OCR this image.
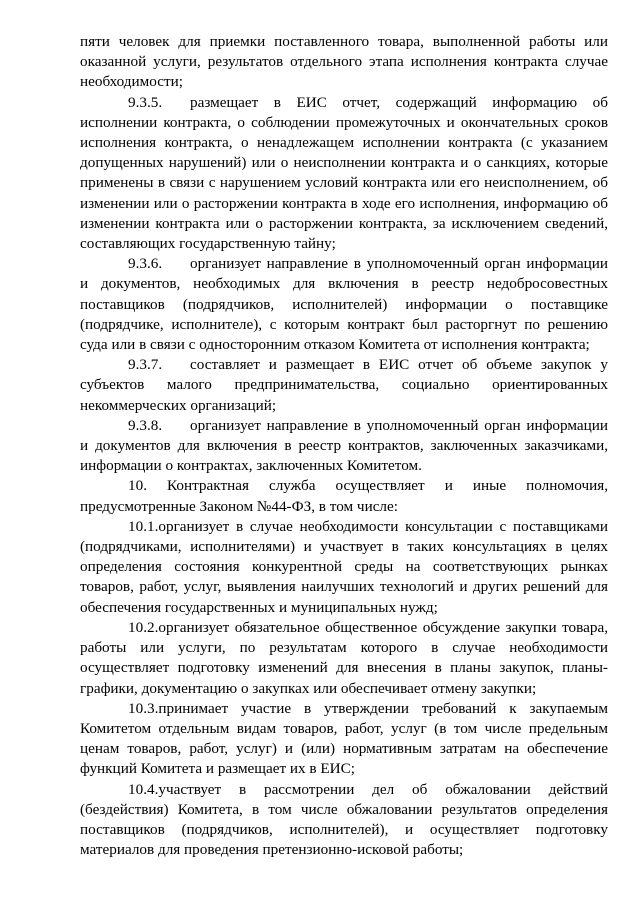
пяти человек для приемки поставленного товара, выполненной работы или оказанной услуги, результатов отдельного этапа исполнения контракта случае необходимости;

9.3.5. размещает в ЕИС отчет, содержащий информацию об исполнении контракта, о соблюдении промежуточных и окончательных сроков исполнения контракта, о ненадлежащем исполнении контракта (с указанием допущенных нарушений) или о неисполнении контракта и о санкциях, которые применены в связи с нарушением условий контракта или его неисполнением, об изменении или о расторжении контракта в ходе его исполнения, информацию об изменении контракта или о расторжении контракта, за исключением сведений, составляющих государственную тайну;

9.3.6. организует направление в уполномоченный орган информации и документов, необходимых для включения в реестр недобросовестных поставщиков (подрядчиков, исполнителей) информации о поставщике (подрядчике, исполнителе), с которым контракт был расторгнут по решению суда или в связи с односторонним отказом Комитета от исполнения контракта;

9.3.7. составляет и размещает в ЕИС отчет об объеме закупок у субъектов малого предпринимательства, социально ориентированных некоммерческих организаций;

9.3.8. организует направление в уполномоченный орган информации и документов для включения в реестр контрактов, заключенных заказчиками, информации о контрактах, заключенных Комитетом.

10. Контрактная служба осуществляет и иные полномочия, предусмотренные Законом №44-ФЗ, в том числе:

10.1.организует в случае необходимости консультации с поставщиками (подрядчиками, исполнителями) и участвует в таких консультациях в целях определения состояния конкурентной среды на соответствующих рынках товаров, работ, услуг, выявления наилучших технологий и других решений для обеспечения государственных и муниципальных нужд;

10.2.организует обязательное общественное обсуждение закупки товара, работы или услуги, по результатам которого в случае необходимости осуществляет подготовку изменений для внесения в планы закупок, планы-графики, документацию о закупках или обеспечивает отмену закупки;

10.3.принимает участие в утверждении требований к закупаемым Комитетом отдельным видам товаров, работ, услуг (в том числе предельным ценам товаров, работ, услуг) и (или) нормативным затратам на обеспечение функций Комитета и размещает их в ЕИС;

10.4.участвует в рассмотрении дел об обжаловании действий (бездействия) Комитета, в том числе обжаловании результатов определения поставщиков (подрядчиков, исполнителей), и осуществляет подготовку материалов для проведения претензионно-исковой работы;
